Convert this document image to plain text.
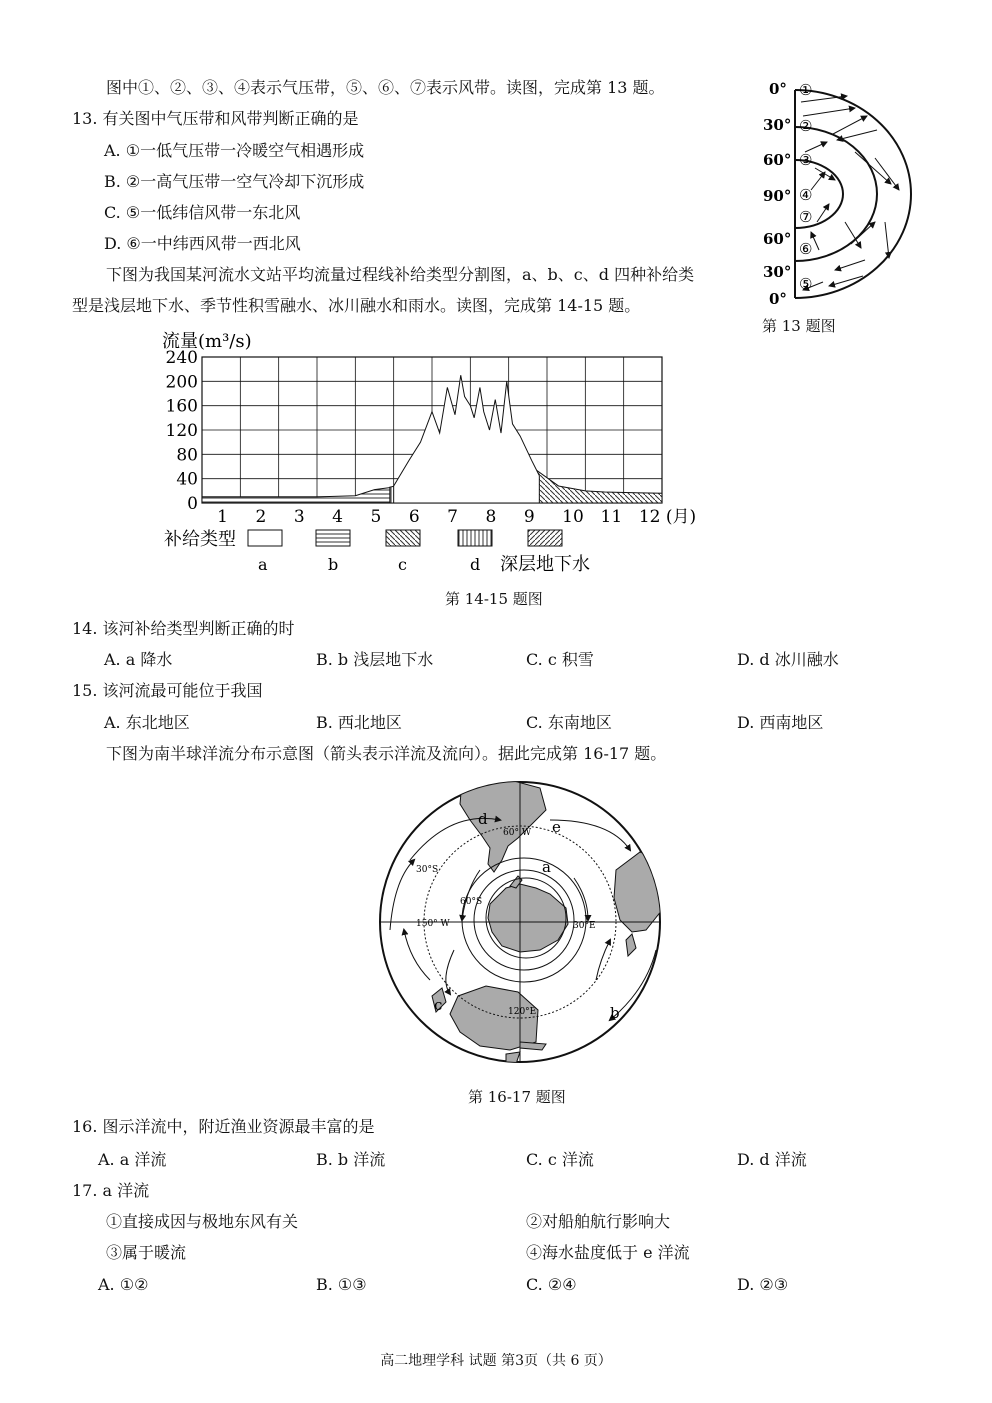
图中①、②、③、④表示气压带，⑤、⑥、⑦表示风带。读图，完成第 13 题。
13. 有关图中气压带和风带判断正确的是
A. ①一低气压带一冷暖空气相遇形成
B. ②一高气压带一空气冷却下沉形成
C. ⑤一低纬信风带一东北风
D. ⑥一中纬西风带一西北风
0°
30°
60°
90°
60°
30°
0°
①
②
③
④
⑦
⑥
⑤
第 13 题图
下图为我国某河流水文站平均流量过程线补给类型分割图，a、b、c、d 四种补给类
型是浅层地下水、季节性积雪融水、冰川融水和雨水。读图，完成第 14-15 题。
流量(m³/s)
240
200
160
120
80
40
0
1 2 3 4 5 6 7 8 9 10 11 12 (月)
补给类型
a	b	c	d 深层地下水
第 14-15 题图
14. 该河补给类型判断正确的时
A. a 降水	B. b 浅层地下水	C. c 积雪	D. d 冰川融水
15. 该河流最可能位于我国
A. 东北地区	B. 西北地区	C. 东南地区	D. 西南地区
下图为南半球洋流分布示意图（箭头表示洋流及流向）。据此完成第 16-17 题。
60° W
30°S
60°S
150° W	30°E
120°E
a
b
c
d	e
第 16-17 题图
16. 图示洋流中，附近渔业资源最丰富的是
A. a 洋流	B. b 洋流	C. c 洋流	D. d 洋流
17. a 洋流
①直接成因与极地东风有关	②对船舶航行影响大
③属于暖流	④海水盐度低于 e 洋流
A. ①②	B. ①③	C. ②④	D. ②③
高二地理学科 试题 第3页（共 6 页）
